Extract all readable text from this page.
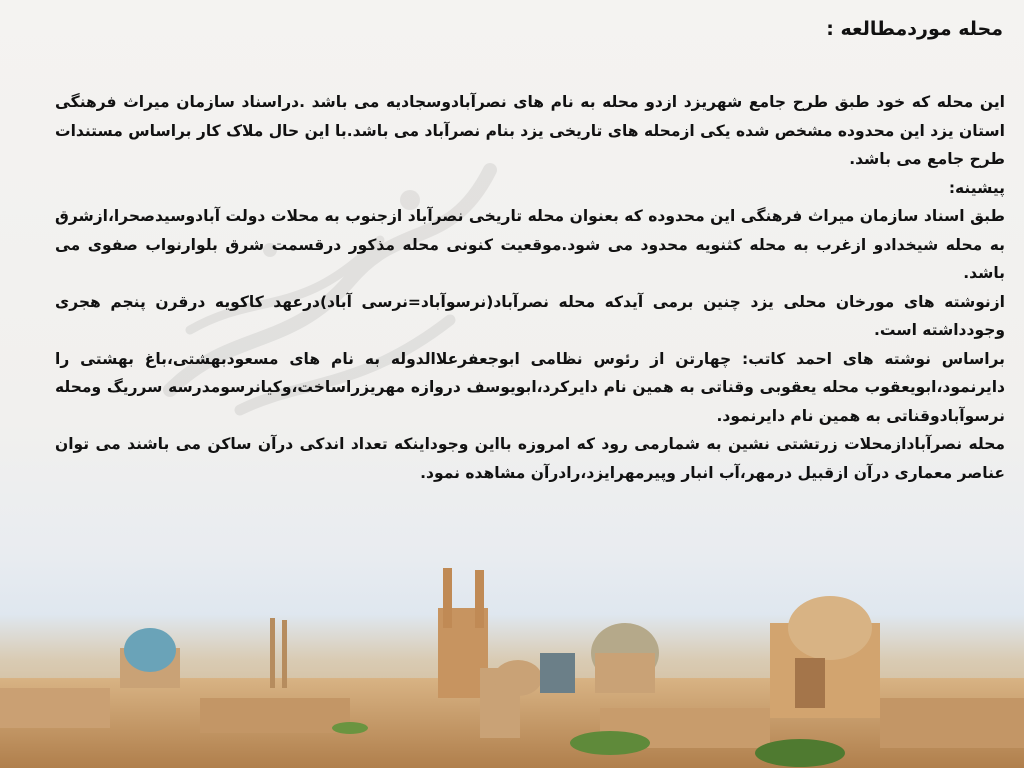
محله موردمطالعه :

این محله که خود طبق طرح جامع شهریزد ازدو محله به نام های نصرآبادوسجادیه می باشد .دراسناد سازمان میراث فرهنگی استان یزد این محدوده مشخص شده یکی ازمحله های تاریخی یزد بنام نصرآباد می باشد.با این حال ملاک کار براساس مستندات طرح جامع می باشد.

پیشینه:

طبق اسناد سازمان میراث فرهنگی این محدوده که بعنوان محله تاریخی نصرآباد ازجنوب به محلات دولت آبادوسیدصحرا،ازشرق به محله شیخدادو ازغرب به محله کثنویه محدود می شود.موقعیت کنونی محله مذکور درقسمت شرق بلوارنواب صفوی می باشد.

ازنوشته های مورخان محلی یزد چنین برمی آیدکه محله نصرآباد(نرسوآباد=نرسی آباد)درعهد کاکویه درقرن پنجم هجری وجودداشته است.

براساس نوشته های احمد کاتب: چهارتن از رئوس نظامی ابوجعفرعلاالدوله به نام های مسعودبهشتی،باغ بهشتی را دایرنمود،ابویعقوب محله یعقوبی وقناتی به همین نام دایرکرد،ابویوسف دروازه مهریزراساخت،وکیانرسومدرسه سرریگ ومحله نرسوآبادوقناتی به همین نام دایرنمود.

محله نصرآبادازمحلات زرتشتی نشین به شمارمی رود که امروزه بااین وجوداینکه تعداد اندکی درآن ساکن می باشند می توان عناصر معماری درآن ازقبیل درمهر،آب انبار وپیرمهرایزد،رادرآن مشاهده نمود.
